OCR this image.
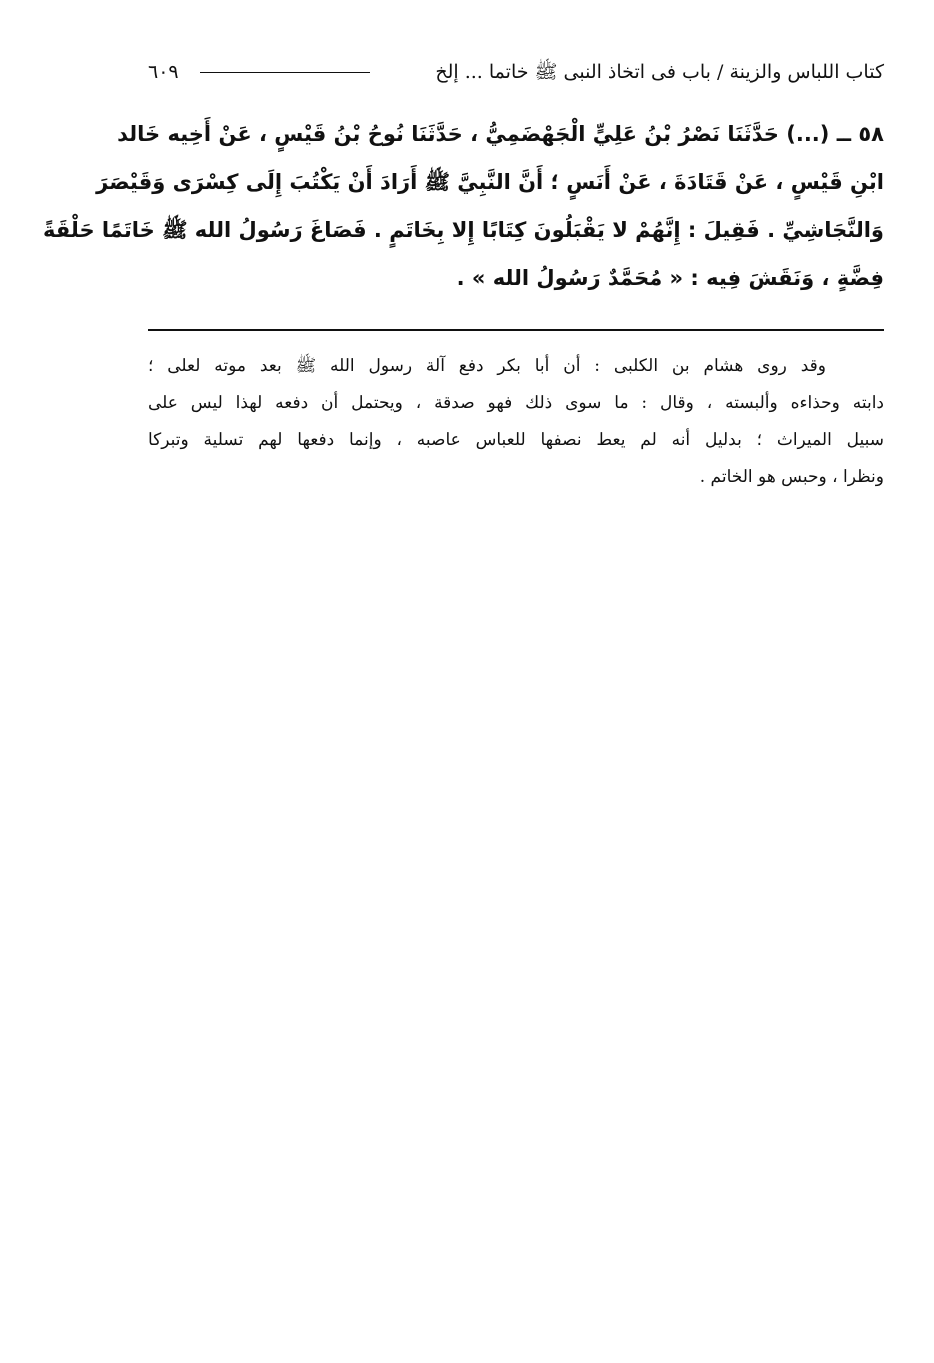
كتاب اللباس والزينة / باب فى اتخاذ النبى ﷺ خاتما ... إلخ
٦٠٩
٥٨ ــ (...) حَدَّثَنَا نَصْرُ بْنُ عَلِيٍّ الْجَهْضَمِيُّ ، حَدَّثَنَا نُوحُ بْنُ قَيْسٍ ، عَنْ أَخِيه خَالد
ابْنِ قَيْسٍ ، عَنْ قَتَادَةَ ، عَنْ أَنَسٍ ؛ أَنَّ النَّبِيَّ ﷺ أَرَادَ أَنْ يَكْتُبَ إِلَى كِسْرَى وَقَيْصَرَ
وَالنَّجَاشِيِّ . فَقِيلَ : إِنَّهُمْ لا يَقْبَلُونَ كِتَابًا إِلا بِخَاتَمٍ . فَصَاغَ رَسُولُ الله ﷺ خَاتَمًا حَلْقَةً
فِضَّةٍ ، وَنَقَشَ فِيه : « مُحَمَّدٌ رَسُولُ الله » .
وقد روى هشام بن الكلبى : أن أبا بكر دفع آلة رسول الله ﷺ بعد موته لعلى ؛
دابته وحذاءه وألبسته ، وقال : ما سوى ذلك فهو صدقة ، ويحتمل أن دفعه لهذا ليس على
سبيل الميراث ؛ بدليل أنه لم يعط نصفها للعباس عاصبه ، وإنما دفعها لهم تسلية وتبركا
ونظرا ، وحبس هو الخاتم .
